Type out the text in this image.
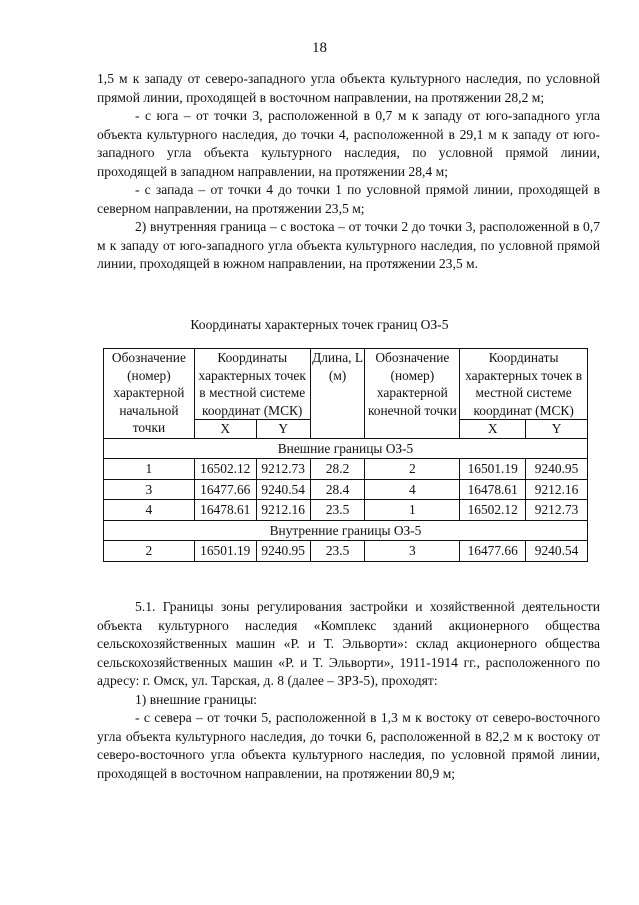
18

1,5 м к западу от северо-западного угла объекта культурного наследия, по условной прямой линии, проходящей в восточном направлении, на протяжении 28,2 м;

- с юга – от точки 3, расположенной в 0,7 м к западу от юго-западного угла объекта культурного наследия, до точки 4, расположенной в 29,1 м к западу от юго-западного угла объекта культурного наследия, по условной прямой линии, проходящей в западном направлении, на протяжении 28,4 м;

- с запада – от точки 4 до точки 1 по условной прямой линии, проходящей в северном направлении, на протяжении 23,5 м;

2) внутренняя граница – с востока – от точки 2 до точки 3, расположенной в 0,7 м к западу от юго-западного угла объекта культурного наследия, по условной прямой линии, проходящей в южном направлении, на протяжении 23,5 м.

Координаты характерных точек границ ОЗ-5
Обозначение (номер) характерной начальной точки	Координаты характерных точек в местной системе координат (МСК)		Длина, L (м)	Обозначение (номер) характерной конечной точки	Координаты характерных точек в местной системе координат (МСК)	
	X	Y			X	Y
Внешние границы ОЗ-5						
1	16502.12	9212.73	28.2	2	16501.19	9240.95
3	16477.66	9240.54	28.4	4	16478.61	9212.16
4	16478.61	9212.16	23.5	1	16502.12	9212.73
Внутренние границы ОЗ-5						
2	16501.19	9240.95	23.5	3	16477.66	9240.54

5.1. Границы зоны регулирования застройки и хозяйственной деятельности объекта культурного наследия «Комплекс зданий акционерного общества сельскохозяйственных машин «Р. и Т. Эльворти»: склад акционерного общества сельскохозяйственных машин «Р. и Т. Эльворти», 1911-1914 гг., расположенного по адресу: г. Омск, ул. Тарская, д. 8 (далее – ЗРЗ-5), проходят:

1) внешние границы:

- с севера – от точки 5, расположенной в 1,3 м к востоку от северо-восточного угла объекта культурного наследия, до точки 6, расположенной в 82,2 м к востоку от северо-восточного угла объекта культурного наследия, по условной прямой линии, проходящей в восточном направлении, на протяжении 80,9 м;
